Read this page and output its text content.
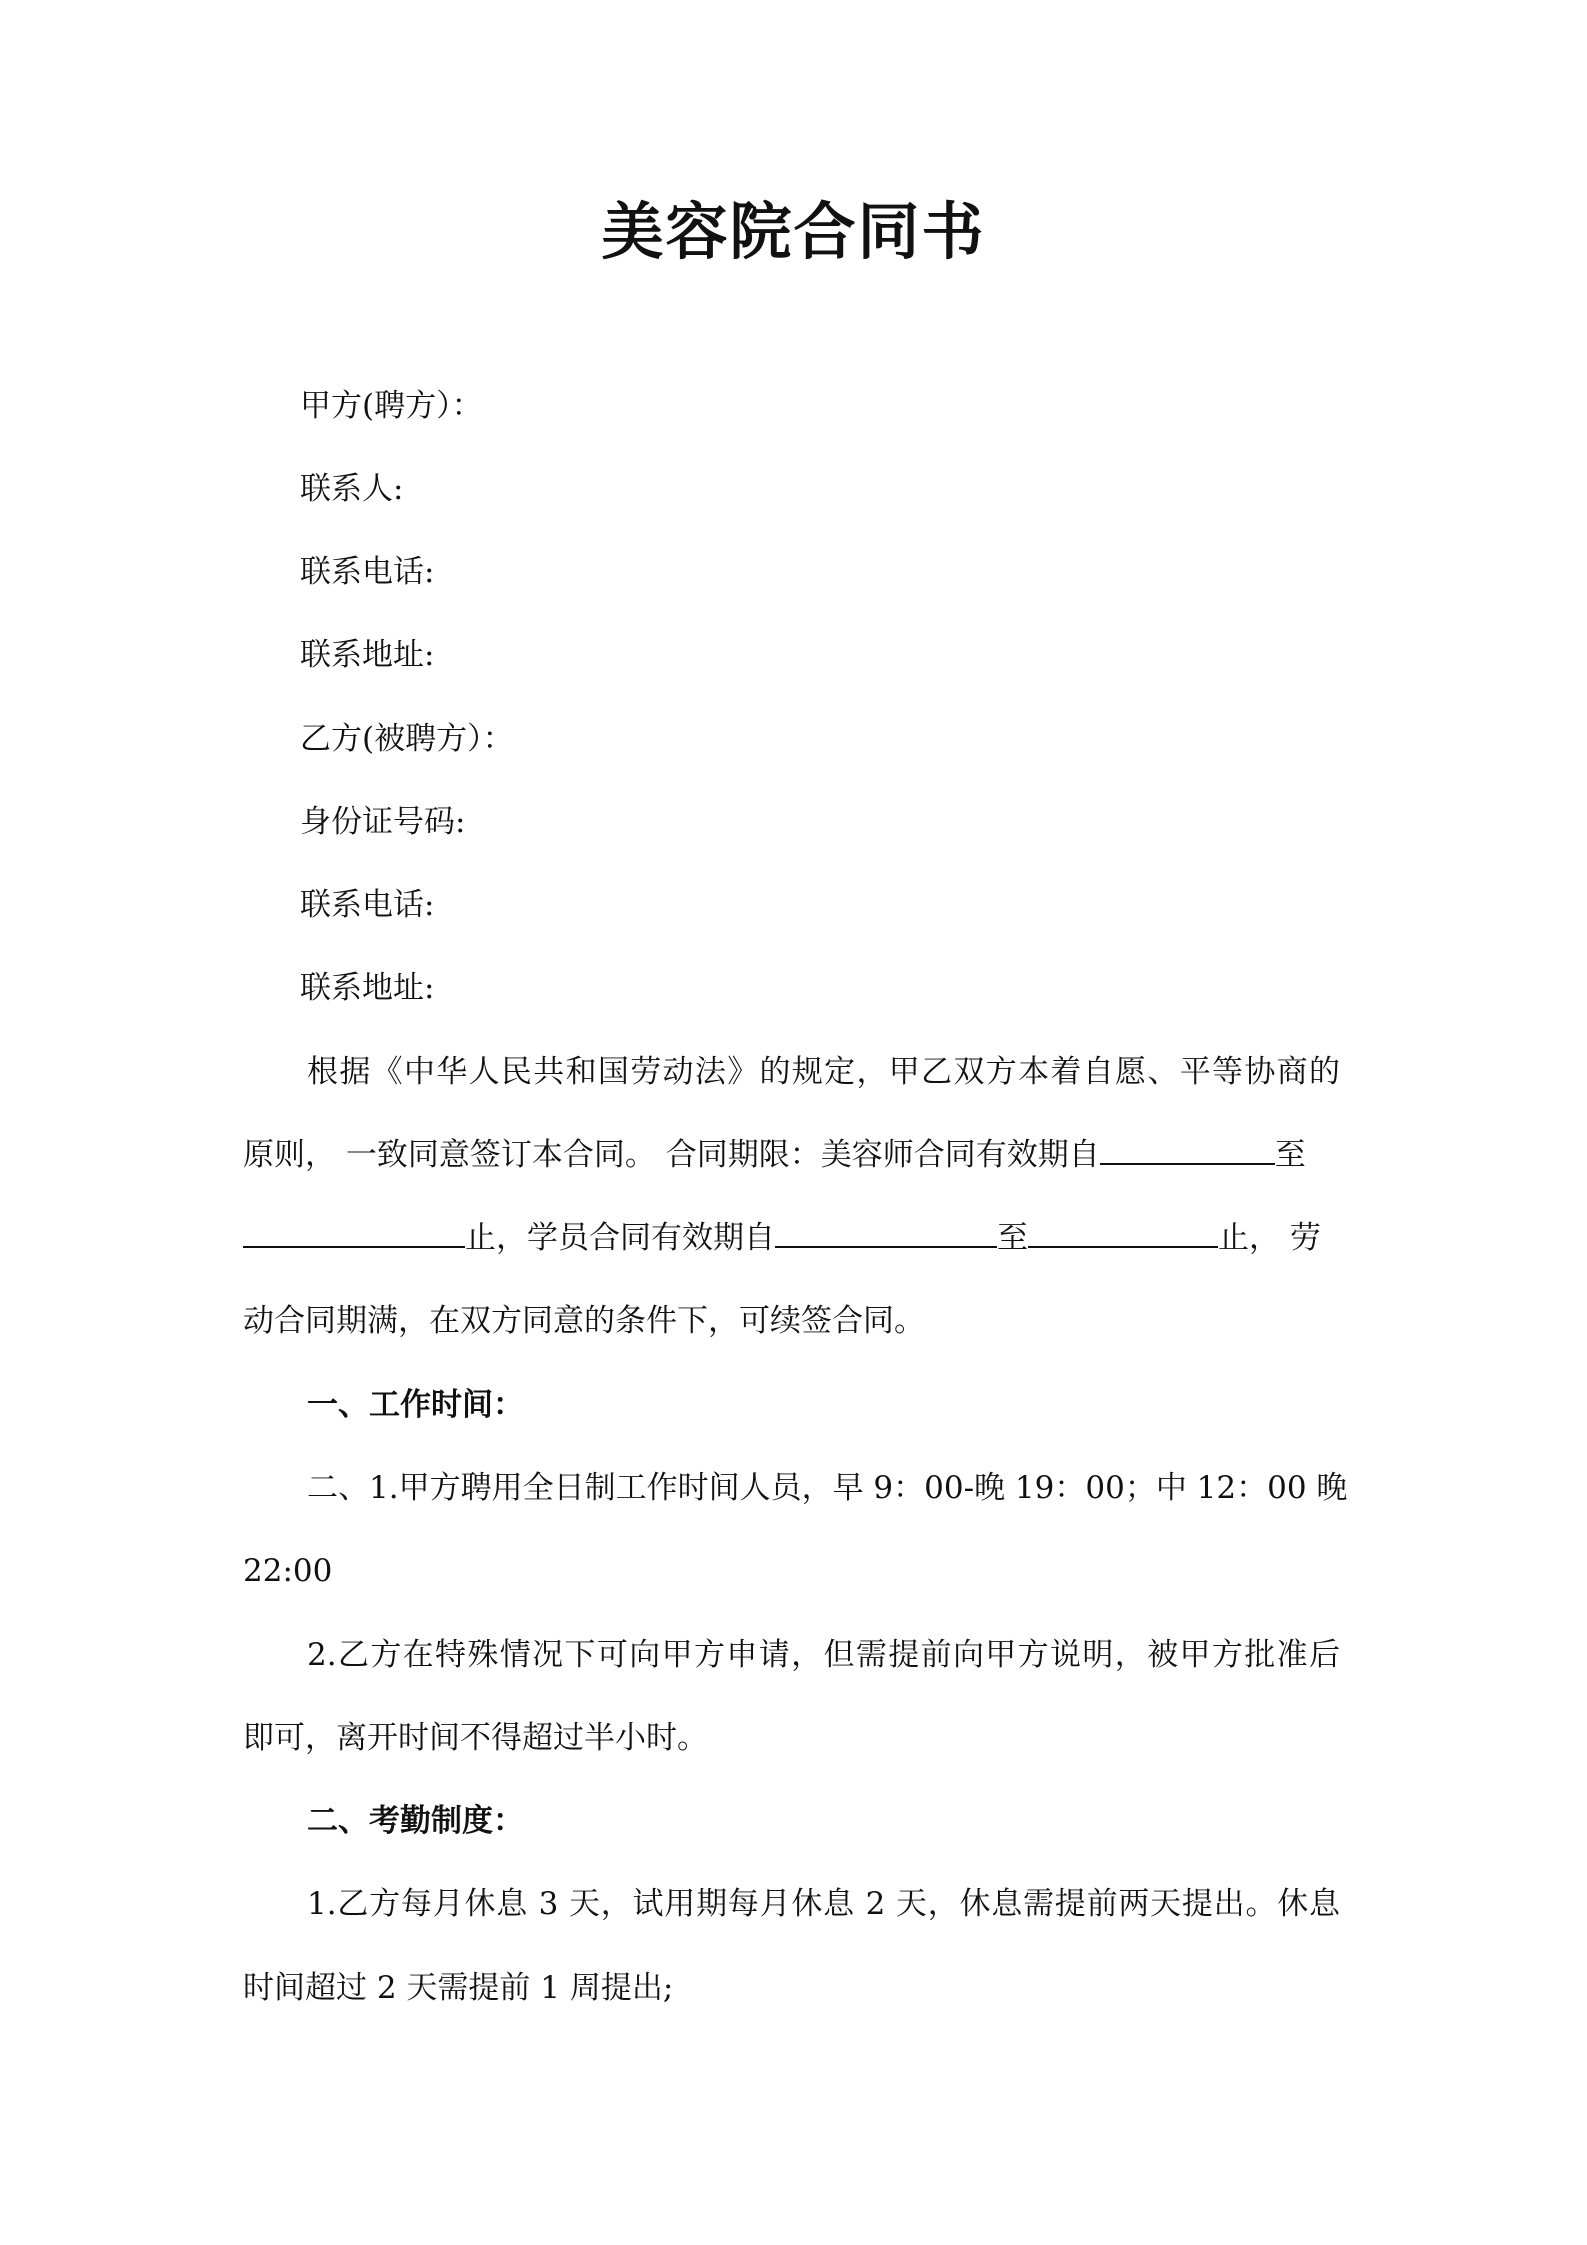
美容院合同书
甲方(聘方）：
联系人:
联系电话:
联系地址:
乙方(被聘方）：
身份证号码:
联系电话:
联系地址:
根据《中华人民共和国劳动法》的规定，甲乙双方本着自愿、平等协商的
原则， 一致同意签订本合同。 合同期限：美容师合同有效期自	至
止，学员合同有效期自	至	止， 劳
动合同期满，在双方同意的条件下，可续签合同。
一、工作时间：
二、1.甲方聘用全日制工作时间人员，早 9：00-晚 19：00；中 12：00 晚
22:00
2.乙方在特殊情况下可向甲方申请，但需提前向甲方说明，被甲方批准后
即可，离开时间不得超过半小时。
二、考勤制度：
1.乙方每月休息 3 天，试用期每月休息 2 天，休息需提前两天提出。休息
时间超过 2 天需提前 1 周提出;
